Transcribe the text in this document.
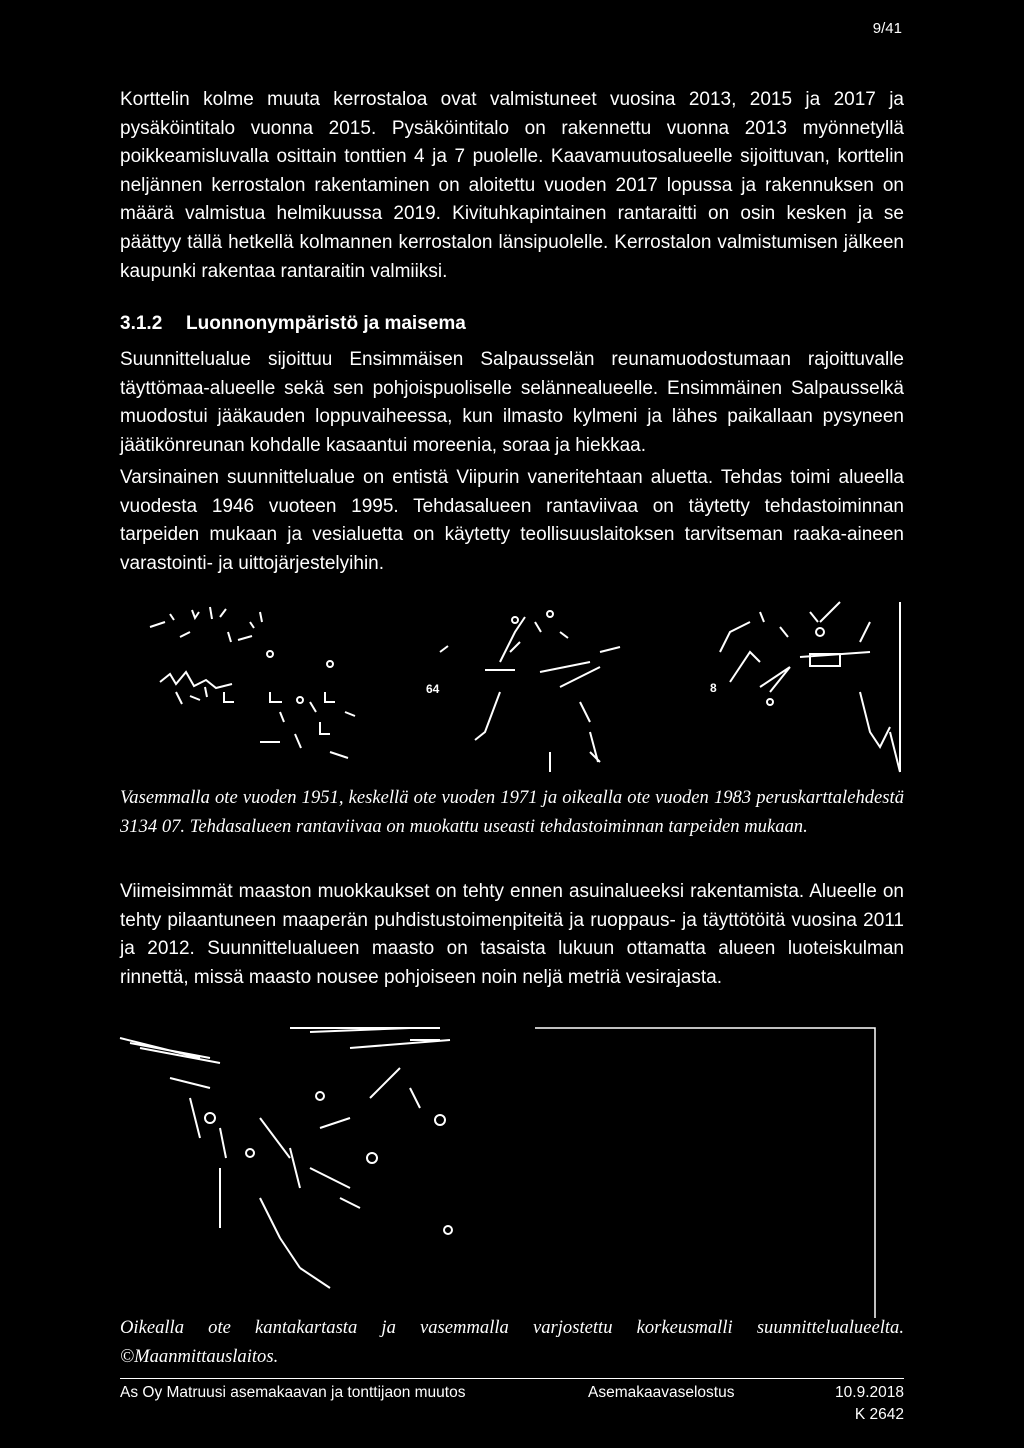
9/41

Korttelin kolme muuta kerrostaloa ovat valmistuneet vuosina 2013, 2015 ja 2017 ja pysäköintitalo vuonna 2015. Pysäköintitalo on rakennettu vuonna 2013 myönnetyllä poikkeamisluvalla osittain tonttien 4 ja 7 puolelle. Kaavamuutosalueelle sijoittuvan, korttelin neljännen kerrostalon rakentaminen on aloitettu vuoden 2017 lopussa ja rakennuksen on määrä valmistua helmikuussa 2019. Kivituhkapintainen rantaraitti on osin kesken ja se päättyy tällä hetkellä kolmannen kerrostalon länsipuolelle. Kerrostalon valmistumisen jälkeen kaupunki rakentaa rantaraitin valmiiksi.

3.1.2 Luonnonympäristö ja maisema

Suunnittelualue sijoittuu Ensimmäisen Salpausselän reunamuodostumaan rajoittuvalle täyttömaa-alueelle sekä sen pohjoispuoliselle selännealueelle. Ensimmäinen Salpausselkä muodostui jääkauden loppuvaiheessa, kun ilmasto kylmeni ja lähes paikallaan pysyneen jäätikönreunan kohdalle kasaantui moreenia, soraa ja hiekkaa.

Varsinainen suunnittelualue on entistä Viipurin vaneritehtaan aluetta. Tehdas toimi alueella vuodesta 1946 vuoteen 1995. Tehdasalueen rantaviivaa on täytetty tehdastoiminnan tarpeiden mukaan ja vesialuetta on käytetty teollisuuslaitoksen tarvitseman raaka-aineen varastointi- ja uittojärjestelyihin.

64	8

Vasemmalla ote vuoden 1951, keskellä ote vuoden 1971 ja oikealla ote vuoden 1983 peruskarttalehdestä 3134 07. Tehdasalueen rantaviivaa on muokattu useasti tehdastoiminnan tarpeiden mukaan.

Viimeisimmät maaston muokkaukset on tehty ennen asuinalueeksi rakentamista. Alueelle on tehty pilaantuneen maaperän puhdistustoimenpiteitä ja ruoppaus- ja täyttötöitä vuosina 2011 ja 2012. Suunnittelualueen maasto on tasaista lukuun ottamatta alueen luoteiskulman rinnettä, missä maasto nousee pohjoiseen noin neljä metriä vesirajasta.

Oikealla ote kantakartasta ja vasemmalla varjostettu korkeusmalli suunnittelualueelta. ©Maanmittauslaitos.

As Oy Matruusi asemakaavan ja tonttijaon muutos	Asemakaavaselostus	10.9.2018
K 2642
